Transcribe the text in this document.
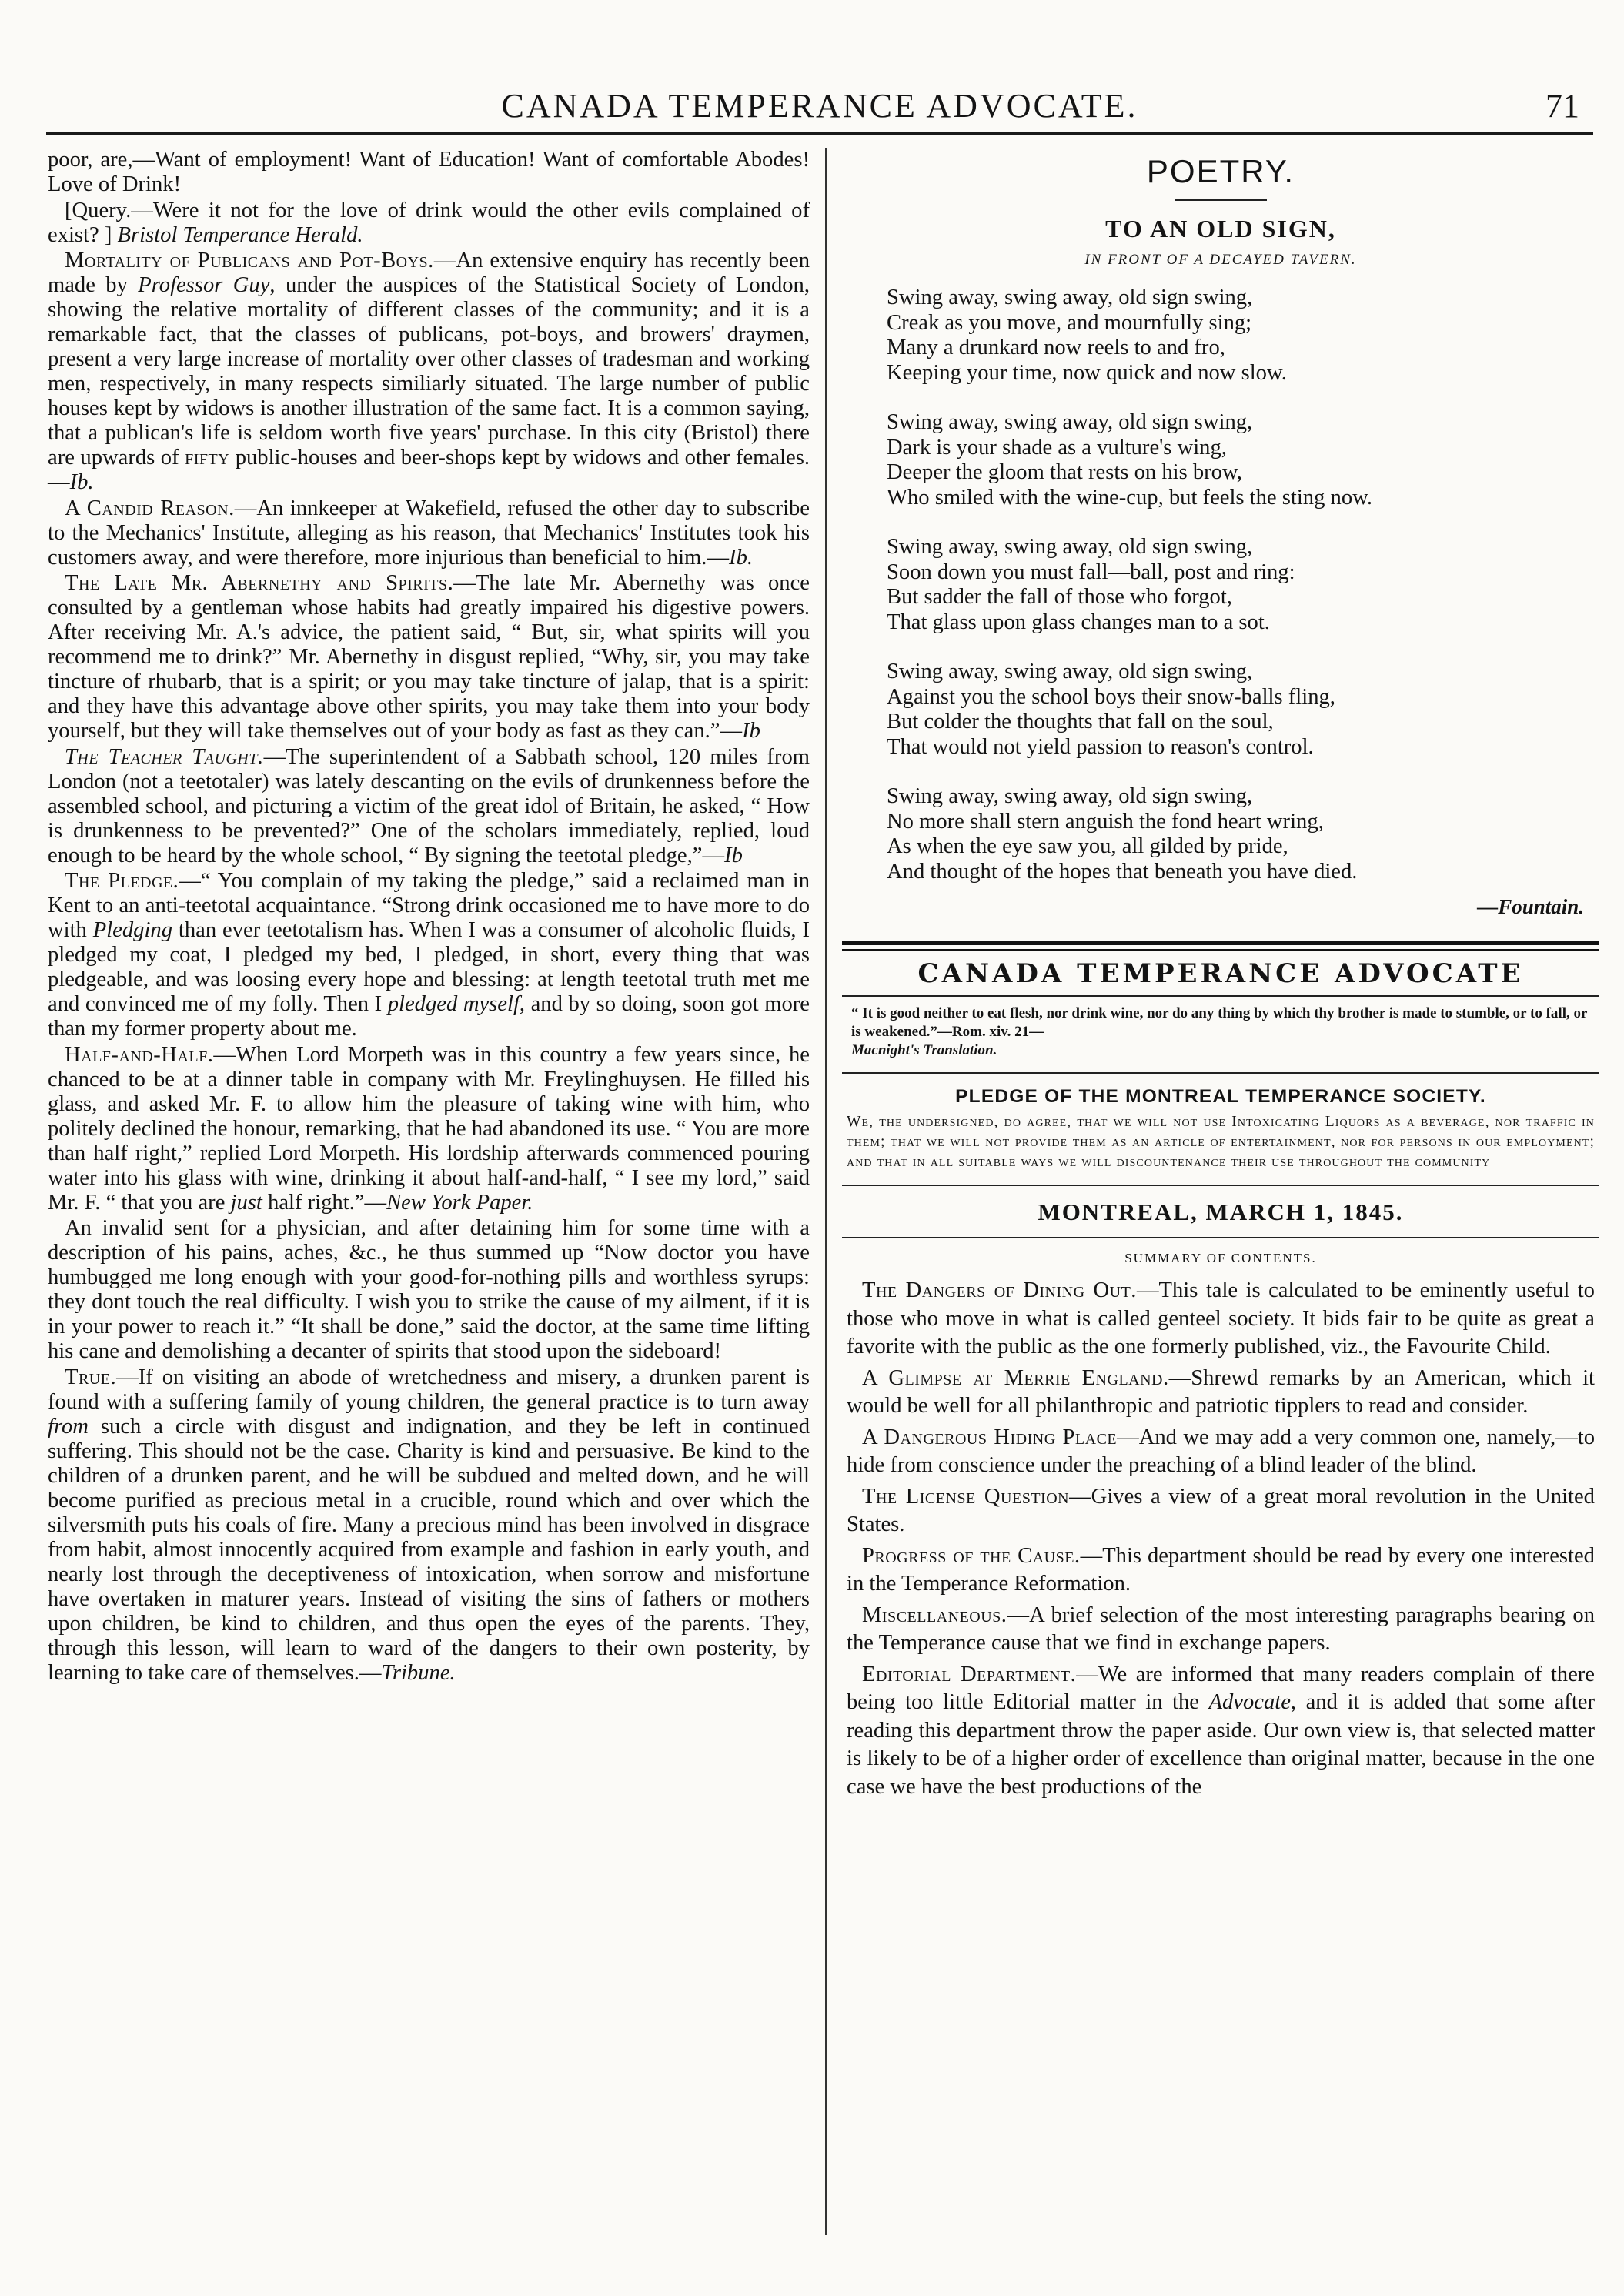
CANADA TEMPERANCE ADVOCATE.	71

poor, are,—Want of employment! Want of Education! Want of comfortable Abodes! Love of Drink!

[Query.—Were it not for the love of drink would the other evils complained of exist? ] Bristol Temperance Herald.

Mortality of Publicans and Pot-Boys.—An extensive enquiry has recently been made by Professor Guy, under the auspices of the Statistical Society of London, showing the relative mortality of different classes of the community; and it is a remarkable fact, that the classes of publicans, pot-boys, and browers' draymen, present a very large increase of mortality over other classes of tradesman and working men, respectively, in many respects similiarly situated. The large number of public houses kept by widows is another illustration of the same fact. It is a common saying, that a publican's life is seldom worth five years' purchase. In this city (Bristol) there are upwards of fifty public-houses and beer-shops kept by widows and other females.—Ib.

A Candid Reason.—An innkeeper at Wakefield, refused the other day to subscribe to the Mechanics' Institute, alleging as his reason, that Mechanics' Institutes took his customers away, and were therefore, more injurious than beneficial to him.—Ib.

The Late Mr. Abernethy and Spirits.—The late Mr. Abernethy was once consulted by a gentleman whose habits had greatly impaired his digestive powers. After receiving Mr. A.'s advice, the patient said, “ But, sir, what spirits will you recommend me to drink?” Mr. Abernethy in disgust replied, “Why, sir, you may take tincture of rhubarb, that is a spirit; or you may take tincture of jalap, that is a spirit: and they have this advantage above other spirits, you may take them into your body yourself, but they will take themselves out of your body as fast as they can.”—Ib

The Teacher Taught.—The superintendent of a Sabbath school, 120 miles from London (not a teetotaler) was lately descanting on the evils of drunkenness before the assembled school, and picturing a victim of the great idol of Britain, he asked, “ How is drunkenness to be prevented?” One of the scholars immediately, replied, loud enough to be heard by the whole school, “ By signing the teetotal pledge,”—Ib

The Pledge.—“ You complain of my taking the pledge,” said a reclaimed man in Kent to an anti-teetotal acquaintance. “Strong drink occasioned me to have more to do with Pledging than ever teetotalism has. When I was a consumer of alcoholic fluids, I pledged my coat, I pledged my bed, I pledged, in short, every thing that was pledgeable, and was loosing every hope and blessing: at length teetotal truth met me and convinced me of my folly. Then I pledged myself, and by so doing, soon got more than my former property about me.

Half-and-Half.—When Lord Morpeth was in this country a few years since, he chanced to be at a dinner table in company with Mr. Freylinghuysen. He filled his glass, and asked Mr. F. to allow him the pleasure of taking wine with him, who politely declined the honour, remarking, that he had abandoned its use. “ You are more than half right,” replied Lord Morpeth. His lordship afterwards commenced pouring water into his glass with wine, drinking it about half-and-half, “ I see my lord,” said Mr. F. “ that you are just half right.”—New York Paper.

An invalid sent for a physician, and after detaining him for some time with a description of his pains, aches, &c., he thus summed up “Now doctor you have humbugged me long enough with your good-for-nothing pills and worthless syrups: they dont touch the real difficulty. I wish you to strike the cause of my ailment, if it is in your power to reach it.” “It shall be done,” said the doctor, at the same time lifting his cane and demolishing a decanter of spirits that stood upon the sideboard!

True.—If on visiting an abode of wretchedness and misery, a drunken parent is found with a suffering family of young children, the general practice is to turn away from such a circle with disgust and indignation, and they be left in continued suffering. This should not be the case. Charity is kind and persuasive. Be kind to the children of a drunken parent, and he will be subdued and melted down, and he will become purified as precious metal in a crucible, round which and over which the silversmith puts his coals of fire. Many a precious mind has been involved in disgrace from habit, almost innocently acquired from example and fashion in early youth, and nearly lost through the deceptiveness of intoxication, when sorrow and misfortune have overtaken in maturer years. Instead of visiting the sins of fathers or mothers upon children, be kind to children, and thus open the eyes of the parents. They, through this lesson, will learn to ward of the dangers to their own posterity, by learning to take care of themselves.—Tribune.

POETRY.
TO AN OLD SIGN,
IN FRONT OF A DECAYED TAVERN.
Swing away, swing away, old sign swing,
Creak as you move, and mournfully sing;
Many a drunkard now reels to and fro,
Keeping your time, now quick and now slow.
Swing away, swing away, old sign swing,
Dark is your shade as a vulture's wing,
Deeper the gloom that rests on his brow,
Who smiled with the wine-cup, but feels the sting now.
Swing away, swing away, old sign swing,
Soon down you must fall—ball, post and ring:
But sadder the fall of those who forgot,
That glass upon glass changes man to a sot.
Swing away, swing away, old sign swing,
Against you the school boys their snow-balls fling,
But colder the thoughts that fall on the soul,
That would not yield passion to reason's control.
Swing away, swing away, old sign swing,
No more shall stern anguish the fond heart wring,
As when the eye saw you, all gilded by pride,
And thought of the hopes that beneath you have died.
—Fountain.
CANADA TEMPERANCE ADVOCATE
“ It is good neither to eat flesh, nor drink wine, nor do any thing by which thy brother is made to stumble, or to fall, or is weakened.”—Rom. xiv. 21—
Macnight's Translation.
PLEDGE OF THE MONTREAL TEMPERANCE SOCIETY.
We, the undersigned, do agree, that we will not use Intoxicating Liquors as a beverage, nor traffic in them; that we will not provide them as an article of entertainment, nor for persons in our employment; and that in all suitable ways we will discountenance their use throughout the community
MONTREAL, MARCH 1, 1845.
SUMMARY OF CONTENTS.

The Dangers of Dining Out.—This tale is calculated to be eminently useful to those who move in what is called genteel society. It bids fair to be quite as great a favorite with the public as the one formerly published, viz., the Favourite Child.

A Glimpse at Merrie England.—Shrewd remarks by an American, which it would be well for all philanthropic and patriotic tipplers to read and consider.

A Dangerous Hiding Place—And we may add a very common one, namely,—to hide from conscience under the preaching of a blind leader of the blind.

The License Question—Gives a view of a great moral revolution in the United States.

Progress of the Cause.—This department should be read by every one interested in the Temperance Reformation.

Miscellaneous.—A brief selection of the most interesting paragraphs bearing on the Temperance cause that we find in exchange papers.

Editorial Department.—We are informed that many readers complain of there being too little Editorial matter in the Advocate, and it is added that some after reading this department throw the paper aside. Our own view is, that selected matter is likely to be of a higher order of excellence than original matter, because in the one case we have the best productions of the
